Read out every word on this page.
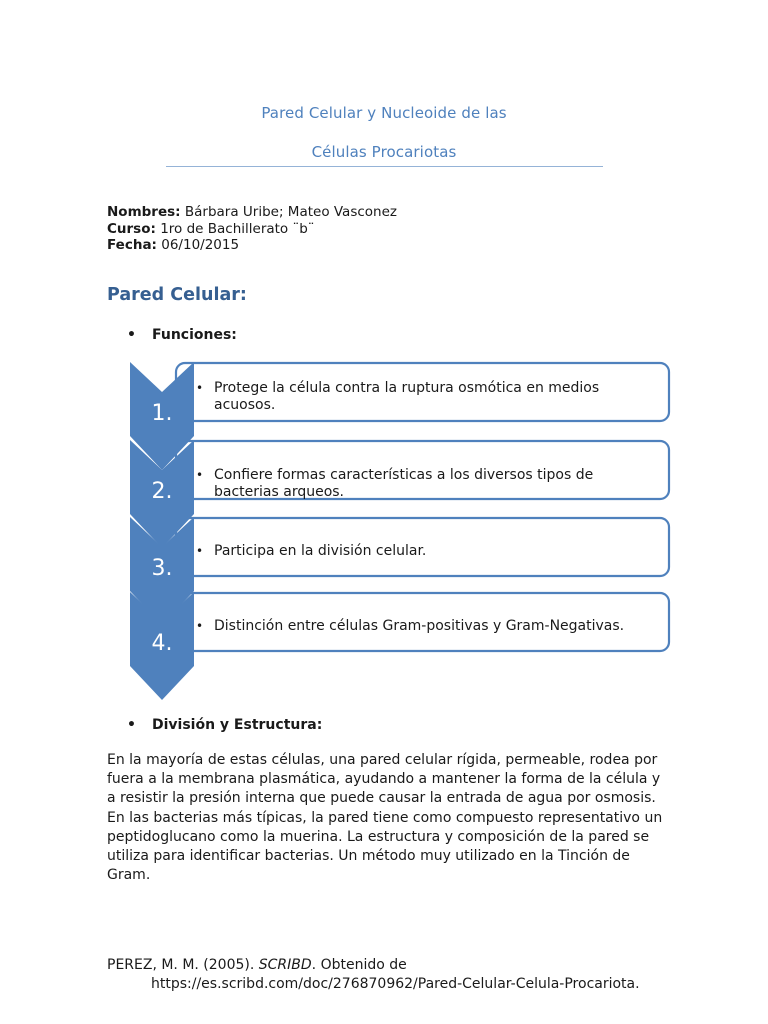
Pared Celular y Nucleoide de las
Células Procariotas
Nombres: Bárbara Uribe; Mateo Vasconez
Curso: 1ro de Bachillerato ¨b¨
Fecha: 06/10/2015
Pared Celular:
• Funciones:
1.
2.
3.
4.
• Protege la célula contra la ruptura osmótica en medios acuosos.
• Confiere formas características a los diversos tipos de bacterias arqueos.
• Participa en la división celular.
• Distinción entre células Gram-positivas y Gram-Negativas.
• División y Estructura:
En la mayoría de estas células, una pared celular rígida, permeable, rodea por fuera a la membrana plasmática, ayudando a mantener la forma de la célula y a resistir la presión interna que puede causar la entrada de agua por osmosis. En las bacterias más típicas, la pared tiene como compuesto representativo un peptidoglucano como la muerina. La estructura y composición de la pared se utiliza para identificar bacterias. Un método muy utilizado en la Tinción de Gram.
PEREZ, M. M. (2005). SCRIBD. Obtenido de
https://es.scribd.com/doc/276870962/Pared-Celular-Celula-Procariota.
